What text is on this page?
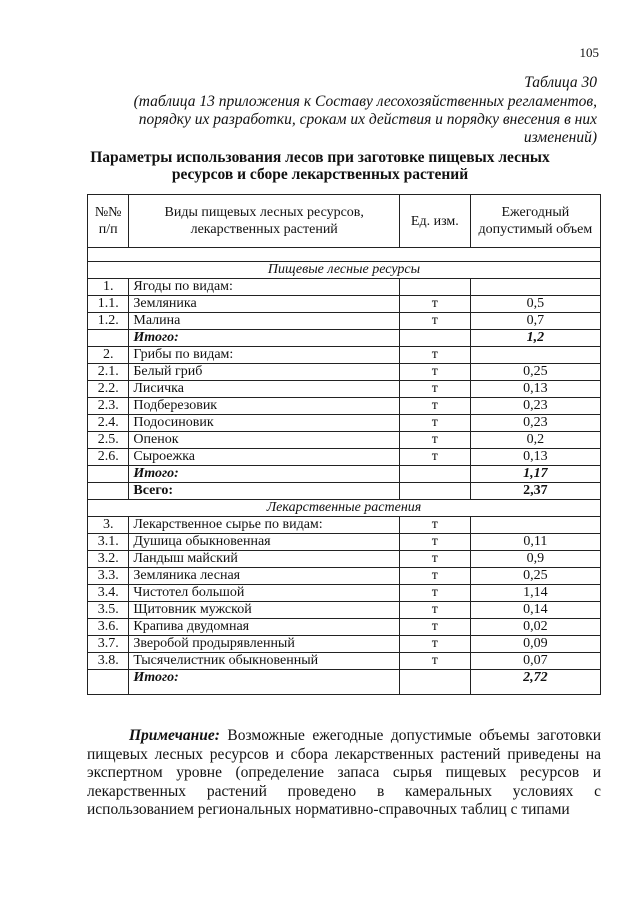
105
Таблица 30
(таблица 13 приложения к Составу лесохозяйственных регламентов, порядку их разработки, срокам их действия и порядку внесения в них изменений)
Параметры использования лесов при заготовке пищевых лесных
ресурсов и сборе лекарственных растений
№№ п/п	Виды пищевых лесных ресурсов, лекарственных растений	Ед. изм.	Ежегодный допустимый объем

Пищевые лесные ресурсы			
1.	Ягоды по видам:		
1.1.	Земляника	т	0,5
1.2.	Малина	т	0,7
	Итого:		1,2
2.	Грибы по видам:	т	
2.1.	Белый гриб	т	0,25
2.2.	Лисичка	т	0,13
2.3.	Подберезовик	т	0,23
2.4.	Подосиновик	т	0,23
2.5.	Опенок	т	0,2
2.6.	Сыроежка	т	0,13
	Итого:		1,17
	Всего:		2,37
Лекарственные растения			
3.	Лекарственное сырье по видам:	т	
3.1.	Душица обыкновенная	т	0,11
3.2.	Ландыш майский	т	0,9
3.3.	Земляника лесная	т	0,25
3.4.	Чистотел большой	т	1,14
3.5.	Щитовник мужской	т	0,14
3.6.	Крапива двудомная	т	0,02
3.7.	Зверобой продырявленный	т	0,09
3.8.	Тысячелистник обыкновенный	т	0,07
	Итого:		2,72
Примечание: Возможные ежегодные допустимые объемы заготовки пищевых лесных ресурсов и сбора лекарственных растений приведены на экспертном уровне (определение запаса сырья пищевых ресурсов и лекарственных растений проведено в камеральных условиях с использованием региональных нормативно-справочных таблиц с типами
